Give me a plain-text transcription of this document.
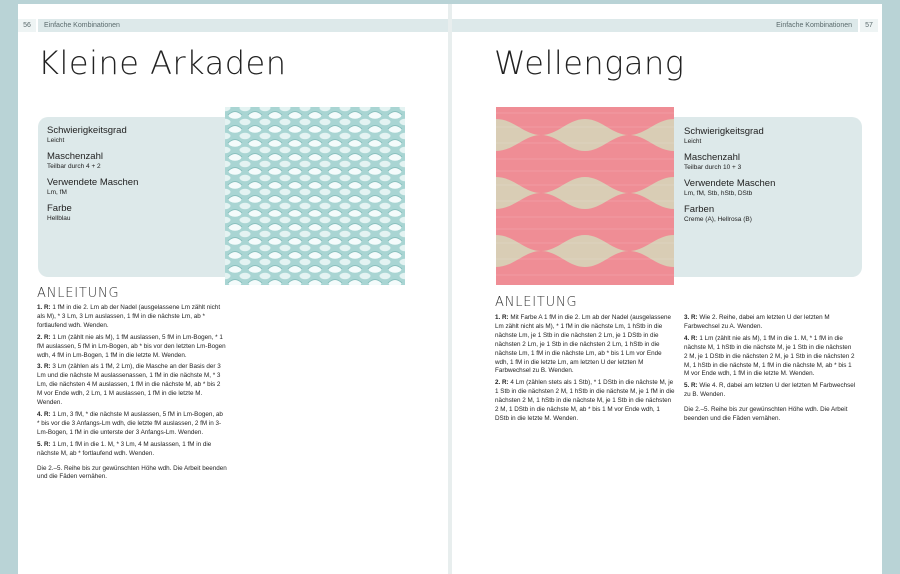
56	Einfache Kombinationen
Kleine Arkaden
Schwierigkeitsgrad
Leicht
Maschenzahl
Teilbar durch 4 + 2
Verwendete Maschen
Lm, fM
Farbe
Hellblau
ANLEITUNG

1. R: 1 fM in die 2. Lm ab der Nadel (ausgelassene Lm zählt nicht als M), * 3 Lm, 3 Lm auslassen, 1 fM in die nächste Lm, ab * fortlaufend wdh. Wenden.

2. R: 1 Lm (zählt nie als M), 1 fM auslassen, 5 fM in Lm-Bogen, * 1 fM auslassen, 5 fM in Lm-Bogen, ab * bis vor den letzten Lm-Bogen wdh, 4 fM in Lm-Bogen, 1 fM in die letzte M. Wenden.

3. R: 3 Lm (zählen als 1 fM, 2 Lm), die Masche an der Basis der 3 Lm und die nächste M auslassenassen, 1 fM in die nächste M, * 3 Lm, die nächsten 4 M auslassen, 1 fM in die nächste M, ab * bis 2 M vor Ende wdh, 2 Lm, 1 M auslassen, 1 fM in die letzte M. Wenden.

4. R: 1 Lm, 3 fM, * die nächste M auslassen, 5 fM in Lm-Bogen, ab * bis vor die 3 Anfangs-Lm wdh, die letzte fM auslassen, 2 fM in 3-Lm-Bogen, 1 fM in die unterste der 3 Anfangs-Lm. Wenden.

5. R: 1 Lm, 1 fM in die 1. M, * 3 Lm, 4 M auslassen, 1 fM in die nächste M, ab * fortlaufend wdh. Wenden.

Die 2.–5. Reihe bis zur gewünschten Höhe wdh. Die Arbeit beenden und die Fäden vernähen.

Einfache Kombinationen	57
Wellengang
Schwierigkeitsgrad
Leicht
Maschenzahl
Teilbar durch 10 + 3
Verwendete Maschen
Lm, fM, Stb, hStb, DStb
Farben
Creme (A), Hellrosa (B)
ANLEITUNG

1. R: Mit Farbe A 1 fM in die 2. Lm ab der Nadel (ausgelassene Lm zählt nicht als M), * 1 fM in die nächste Lm, 1 hStb in die nächste Lm, je 1 Stb in die nächsten 2 Lm, je 1 DStb in die nächsten 2 Lm, je 1 Stb in die nächsten 2 Lm, 1 hStb in die nächste Lm, 1 fM in die nächste Lm, ab * bis 1 Lm vor Ende wdh, 1 fM in die letzte Lm, am letzten U der letzten M Farbwechsel zu B. Wenden.

2. R: 4 Lm (zählen stets als 1 Stb), * 1 DStb in die nächste M, je 1 Stb in die nächsten 2 M, 1 hStb in die nächste M, je 1 fM in die nächsten 2 M, 1 hStb in die nächste M, je 1 Stb in die nächsten 2 M, 1 DStb in die nächste M, ab * bis 1 M vor Ende wdh, 1 DStb in die letzte M. Wenden.

3. R: Wie 2. Reihe, dabei am letzten U der letzten M Farbwechsel zu A. Wenden.

4. R: 1 Lm (zählt nie als M), 1 fM in die 1. M, * 1 fM in die nächste M, 1 hStb in die nächste M, je 1 Stb in die nächsten 2 M, je 1 DStb in die nächsten 2 M, je 1 Stb in die nächsten 2 M, 1 hStb in die nächste M, 1 fM in die nächste M, ab * bis 1 M vor Ende wdh, 1 fM in die letzte M. Wenden.

5. R: Wie 4. R, dabei am letzten U der letzten M Farbwechsel zu B. Wenden.

Die 2.–5. Reihe bis zur gewünschten Höhe wdh. Die Arbeit beenden und die Fäden vernähen.
